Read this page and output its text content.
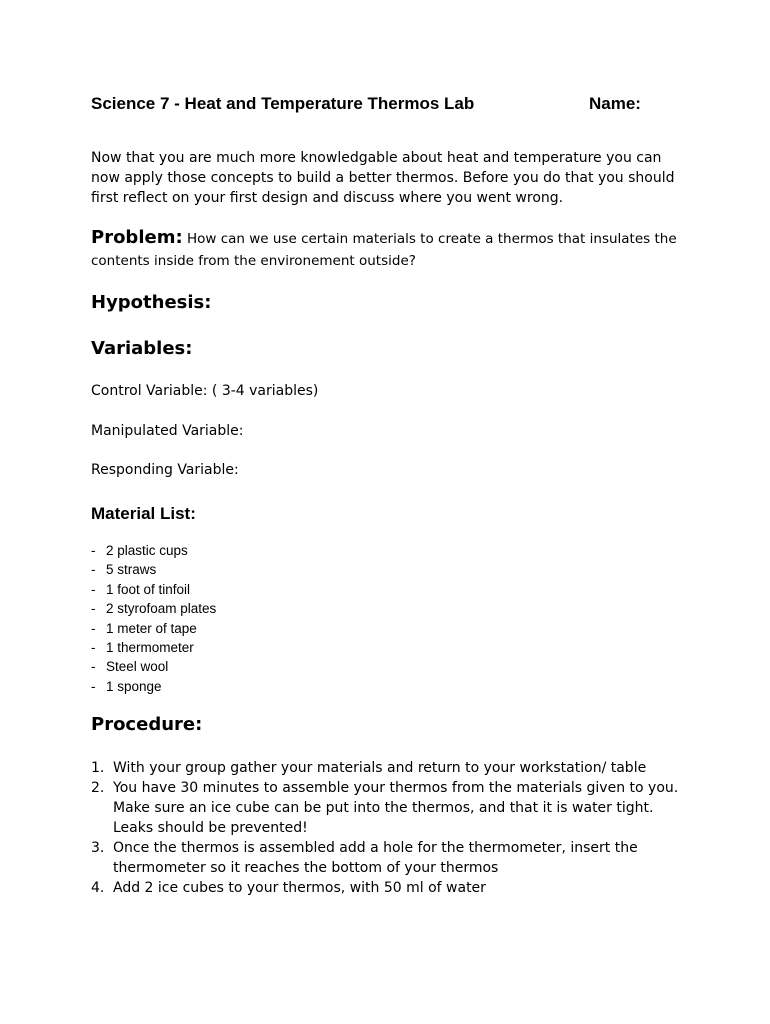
Science 7 - Heat and Temperature Thermos Lab	Name:

Now that you are much more knowledgable about heat and temperature you can now apply those concepts to build a better thermos. Before you do that you should first reflect on your first design and discuss where you went wrong.

Problem: How can we use certain materials to create a thermos that insulates the contents inside from the environement outside?

Hypothesis:
Variables:

Control Variable: ( 3-4 variables)

Manipulated Variable:

Responding Variable:

Material List:
- 2 plastic cups
- 5 straws
- 1 foot of tinfoil
- 2 styrofoam plates
- 1 meter of tape
- 1 thermometer
- Steel wool
- 1 sponge
Procedure:
1. With your group gather your materials and return to your workstation/ table
2. You have 30 minutes to assemble your thermos from the materials given to you. Make sure an ice cube can be put into the thermos, and that it is water tight. Leaks should be prevented!
3. Once the thermos is assembled add a hole for the thermometer, insert the thermometer so it reaches the bottom of your thermos
4. Add 2 ice cubes to your thermos, with 50 ml of water
